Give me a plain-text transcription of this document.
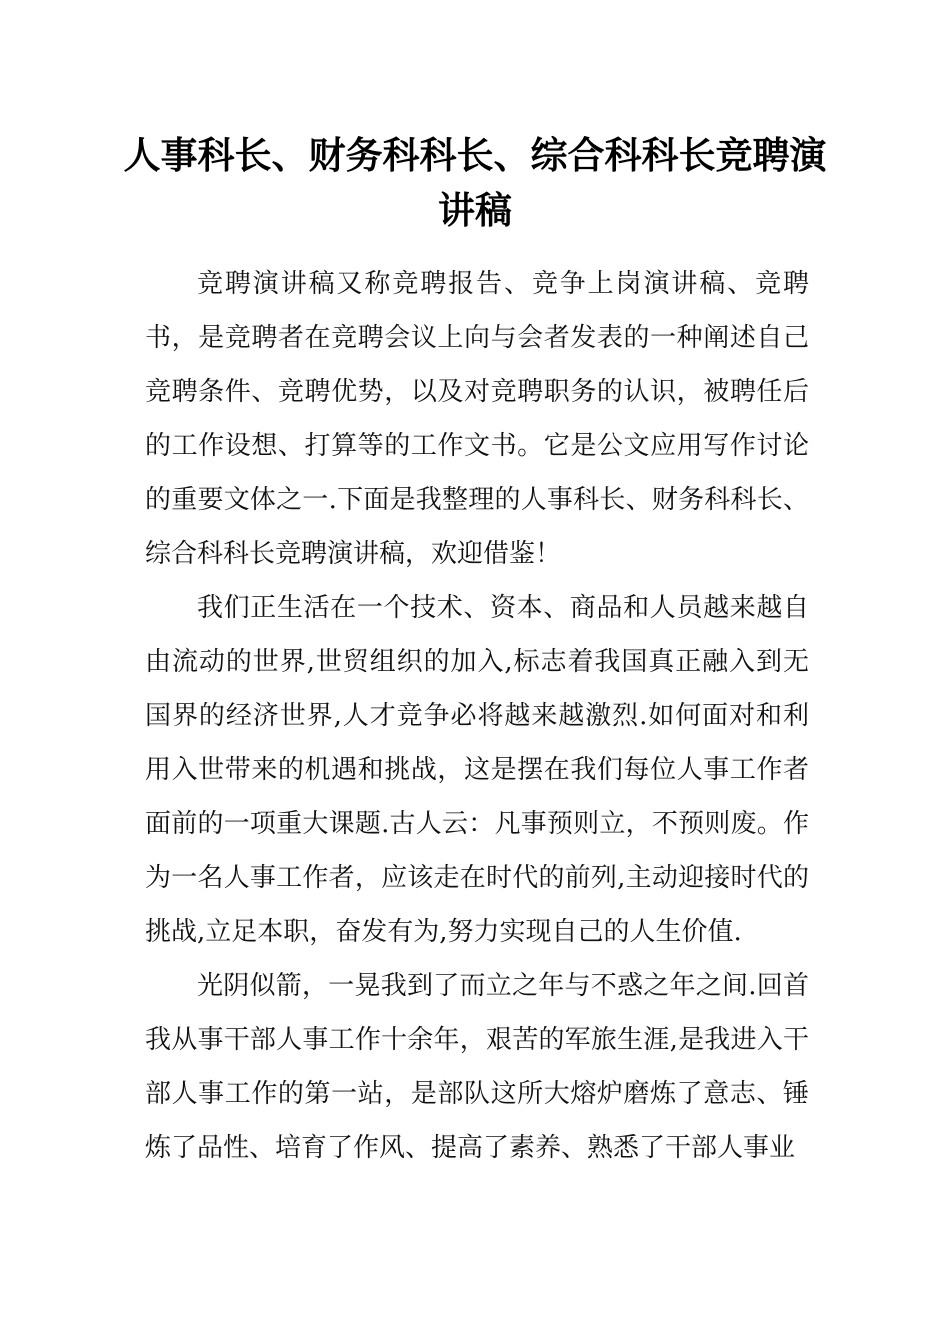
人事科长、财务科科长、综合科科长竞聘演讲稿

竞聘演讲稿又称竞聘报告、竞争上岗演讲稿、竞聘书，是竞聘者在竞聘会议上向与会者发表的一种阐述自己竞聘条件、竞聘优势，以及对竞聘职务的认识，被聘任后的工作设想、打算等的工作文书。它是公文应用写作讨论的重要文体之一.下面是我整理的人事科长、财务科科长、综合科科长竞聘演讲稿，欢迎借鉴！

我们正生活在一个技术、资本、商品和人员越来越自由流动的世界,世贸组织的加入,标志着我国真正融入到无国界的经济世界,人才竞争必将越来越激烈.如何面对和利用入世带来的机遇和挑战，这是摆在我们每位人事工作者面前的一项重大课题.古人云：凡事预则立，不预则废。作为一名人事工作者，应该走在时代的前列,主动迎接时代的挑战,立足本职，奋发有为,努力实现自己的人生价值.

光阴似箭，一晃我到了而立之年与不惑之年之间.回首我从事干部人事工作十余年，艰苦的军旅生涯,是我进入干部人事工作的第一站，是部队这所大熔炉磨炼了意志、锤炼了品性、培育了作风、提高了素养、熟悉了干部人事业
